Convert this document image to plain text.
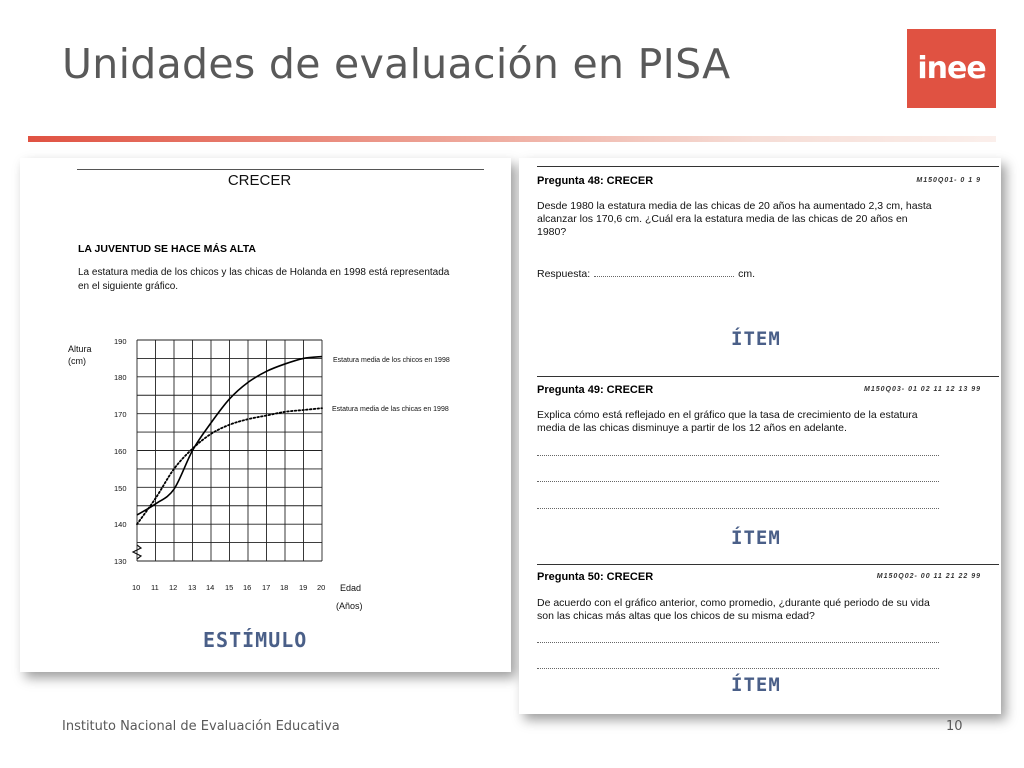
Unidades de evaluación en PISA	inee
CRECER
LA JUVENTUD SE HACE MÁS ALTA
La estatura media de los chicos y las chicas de Holanda en 1998 está representada
en el siguiente gráfico.
Altura
(cm)
Edad
(Años)
190
180
170
160
150
140
130
10 11 12 13 14 15 16 17 18 19 20
Estatura media de los chicos en 1998
Estatura media de las chicas en 1998
ESTÍMULO
Pregunta 48: CRECER	M150Q01- 0 1 9
Desde 1980 la estatura media de las chicas de 20 años ha aumentado 2,3 cm, hasta
alcanzar los 170,6 cm. ¿Cuál era la estatura media de las chicas de 20 años en
1980?
Respuesta:	cm.
ÍTEM
Pregunta 49: CRECER	M150Q03- 01 02 11 12 13 99
Explica cómo está reflejado en el gráfico que la tasa de crecimiento de la estatura
media de las chicas disminuye a partir de los 12 años en adelante.
ÍTEM
Pregunta 50: CRECER	M150Q02- 00 11 21 22 99
De acuerdo con el gráfico anterior, como promedio, ¿durante qué periodo de su vida
son las chicas más altas que los chicos de su misma edad?
ÍTEM
Instituto Nacional de Evaluación Educativa	10
